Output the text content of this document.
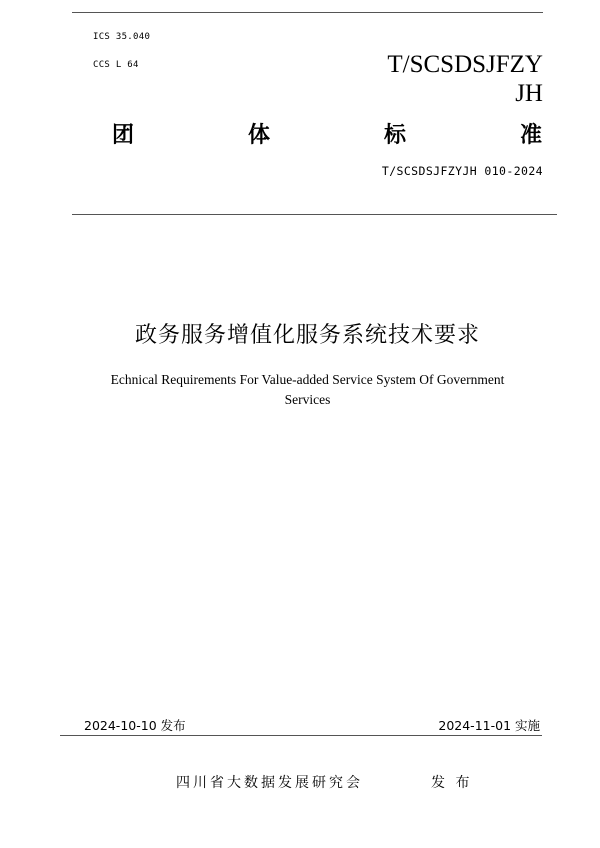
ICS 35.040
CCS L 64	T/SCSDSJFZY
JH
团	体	标	准
T/SCSDSJFZYJH 010-2024
政务服务增值化服务系统技术要求
Echnical Requirements For Value-added Service System Of Government
Services
2024-10-10 发布	2024-11-01 实施
四川省大数据发展研究会	发 布
